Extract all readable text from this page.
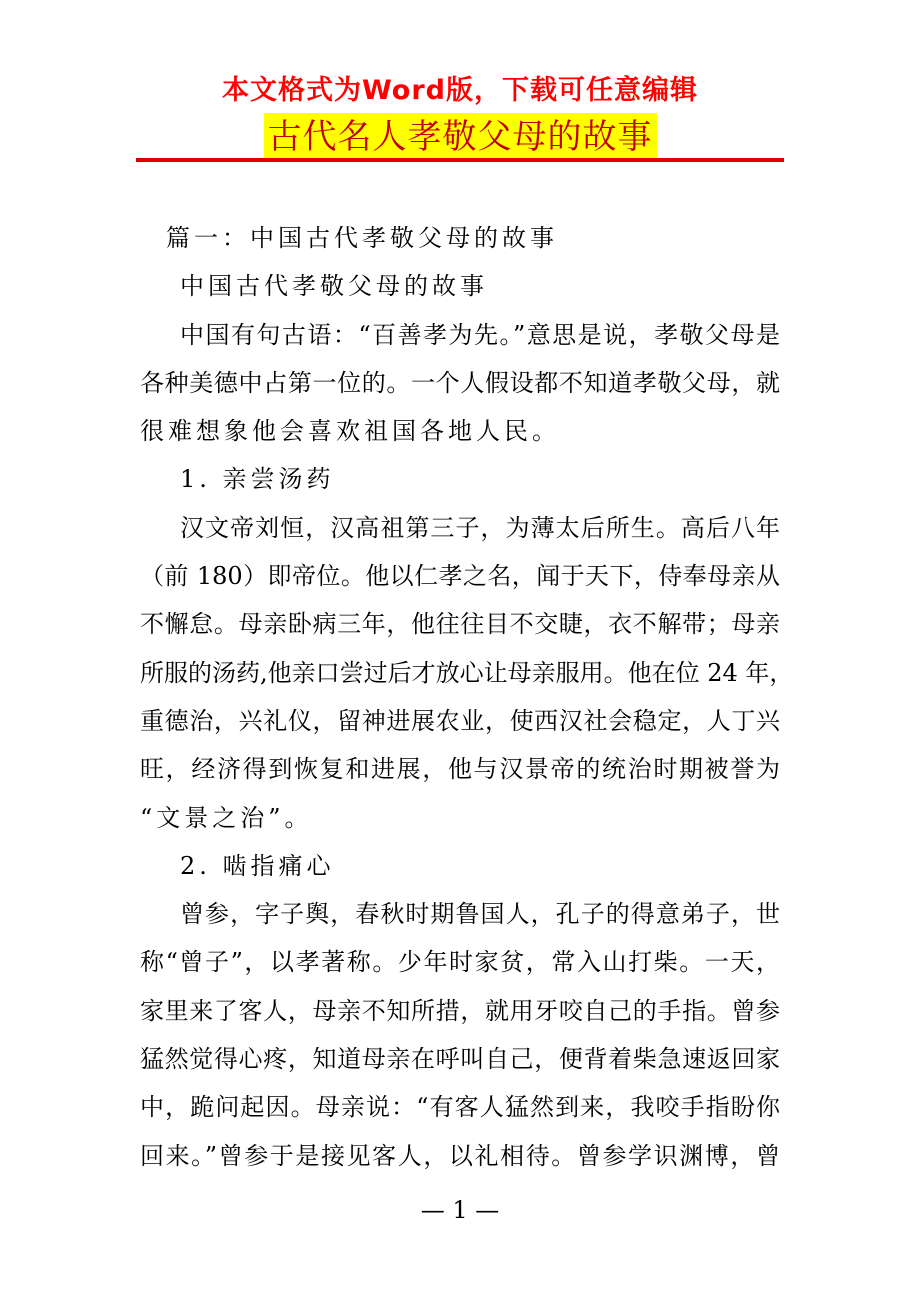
本文格式为Word版，下载可任意编辑
古代名人孝敬父母的故事
篇一：中国古代孝敬父母的故事
中国古代孝敬父母的故事
中国有句古语：“百善孝为先。”意思是说，孝敬父母是
各种美德中占第一位的。一个人假设都不知道孝敬父母，就
很难想象他会喜欢祖国各地人民。
1. 亲尝汤药
汉文帝刘恒，汉高祖第三子，为薄太后所生。高后八年
（前 180）即帝位。他以仁孝之名，闻于天下，侍奉母亲从
不懈怠。母亲卧病三年，他往往目不交睫，衣不解带；母亲
所服的汤药,他亲口尝过后才放心让母亲服用。他在位 24 年，
重德治，兴礼仪，留神进展农业，使西汉社会稳定，人丁兴
旺，经济得到恢复和进展，他与汉景帝的统治时期被誉为
“文景之治”。
2. 啮指痛心
曾参，字子舆，春秋时期鲁国人，孔子的得意弟子，世
称“曾子”，以孝著称。少年时家贫，常入山打柴。一天，
家里来了客人，母亲不知所措，就用牙咬自己的手指。曾参
猛然觉得心疼，知道母亲在呼叫自己，便背着柴急速返回家
中，跪问起因。母亲说：“有客人猛然到来，我咬手指盼你
回来。”曾参于是接见客人，以礼相待。曾参学识渊博，曾
— 1 —
